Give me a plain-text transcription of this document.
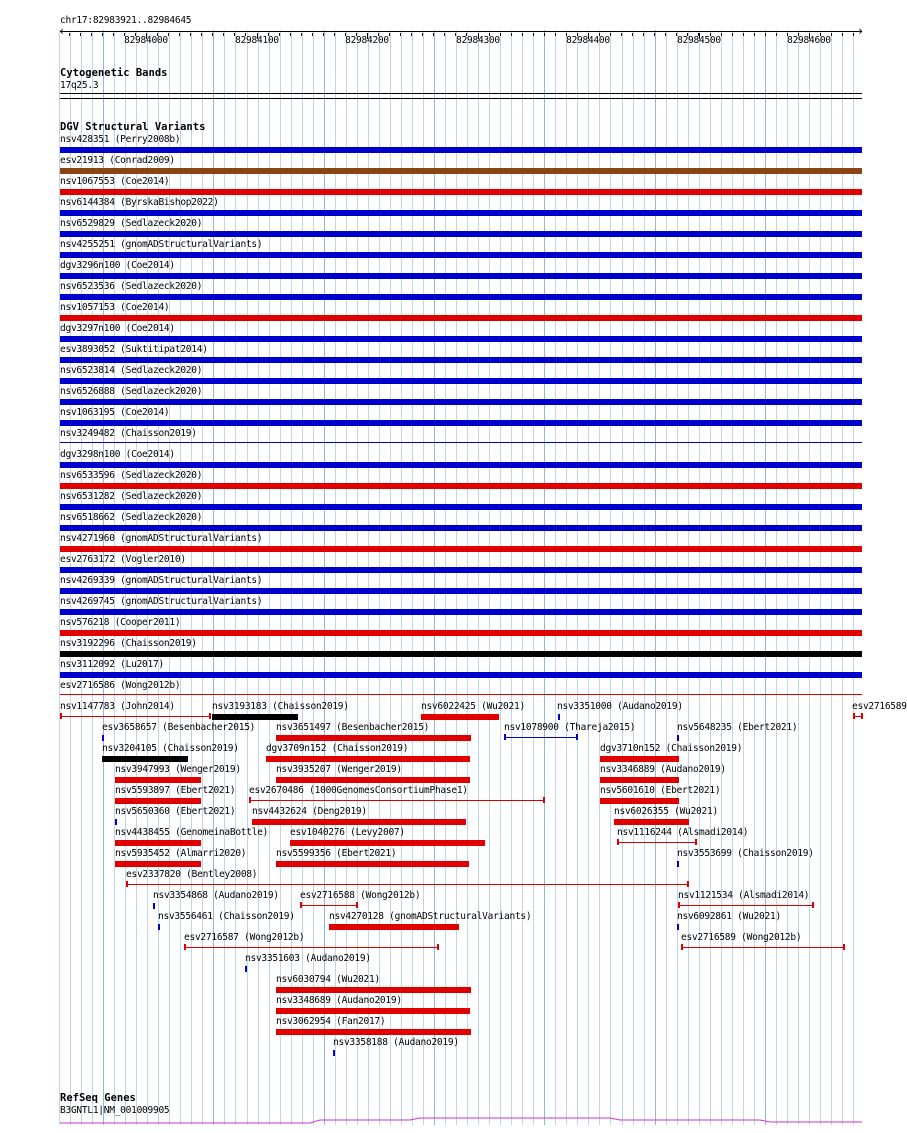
chr17:82983921..82984645
‹	›
82984000	82984100	82984200	82984300	82984400	82984500	82984600
Cytogenetic Bands
17q25.3
DGV Structural Variants
nsv428351 (Perry2008b)
esv21913 (Conrad2009)
nsv1067553 (Coe2014)
nsv6144384 (ByrskaBishop2022)
nsv6529829 (Sedlazeck2020)
nsv4255251 (gnomADStructuralVariants)
dgv3296n100 (Coe2014)
nsv6523536 (Sedlazeck2020)
nsv1057153 (Coe2014)
dgv3297n100 (Coe2014)
esv3893052 (Suktitipat2014)
nsv6523814 (Sedlazeck2020)
nsv6526888 (Sedlazeck2020)
nsv1063195 (Coe2014)
nsv3249482 (Chaisson2019)
dgv3298n100 (Coe2014)
nsv6533596 (Sedlazeck2020)
nsv6531282 (Sedlazeck2020)
nsv6518662 (Sedlazeck2020)
nsv4271960 (gnomADStructuralVariants)
esv2763172 (Vogler2010)
nsv4269339 (gnomADStructuralVariants)
nsv4269745 (gnomADStructuralVariants)
nsv576218 (Cooper2011)
nsv3192296 (Chaisson2019)
nsv3112092 (Lu2017)
esv2716586 (Wong2012b)
nsv1147783 (John2014)	nsv3193183 (Chaisson2019)	nsv6022425 (Wu2021)	nsv3351000 (Audano2019)	esv2716589
esv3658657 (Besenbacher2015) nsv3651497 (Besenbacher2015)	nsv1078900 (Thareja2015)	nsv5648235 (Ebert2021)
nsv3204105 (Chaisson2019)	dgv3709n152 (Chaisson2019)	dgv3710n152 (Chaisson2019)
nsv3947993 (Wenger2019)	nsv3935207 (Wenger2019)	nsv3346889 (Audano2019)
nsv5593897 (Ebert2021) esv2670486 (1000GenomesConsortiumPhase1)	nsv5601610 (Ebert2021)
nsv5650360 (Ebert2021) nsv4432624 (Deng2019)	nsv6026355 (Wu2021)
nsv4438455 (GenomeinaBottle) esv1040276 (Levy2007)	nsv1116244 (Alsmadi2014)
nsv5935452 (Almarri2020)	nsv5599356 (Ebert2021)	nsv3553699 (Chaisson2019)
esv2337820 (Bentley2008)
nsv3354868 (Audano2019) esv2716588 (Wong2012b)	nsv1121534 (Alsmadi2014)
nsv3556461 (Chaisson2019)	nsv4270128 (gnomADStructuralVariants)	nsv6092861 (Wu2021)
esv2716587 (Wong2012b)	esv2716589 (Wong2012b)
nsv3351603 (Audano2019)
nsv6030794 (Wu2021)
nsv3348689 (Audano2019)
nsv3062954 (Fan2017)
nsv3358188 (Audano2019)
RefSeq Genes
B3GNTL1|NM_001009905
